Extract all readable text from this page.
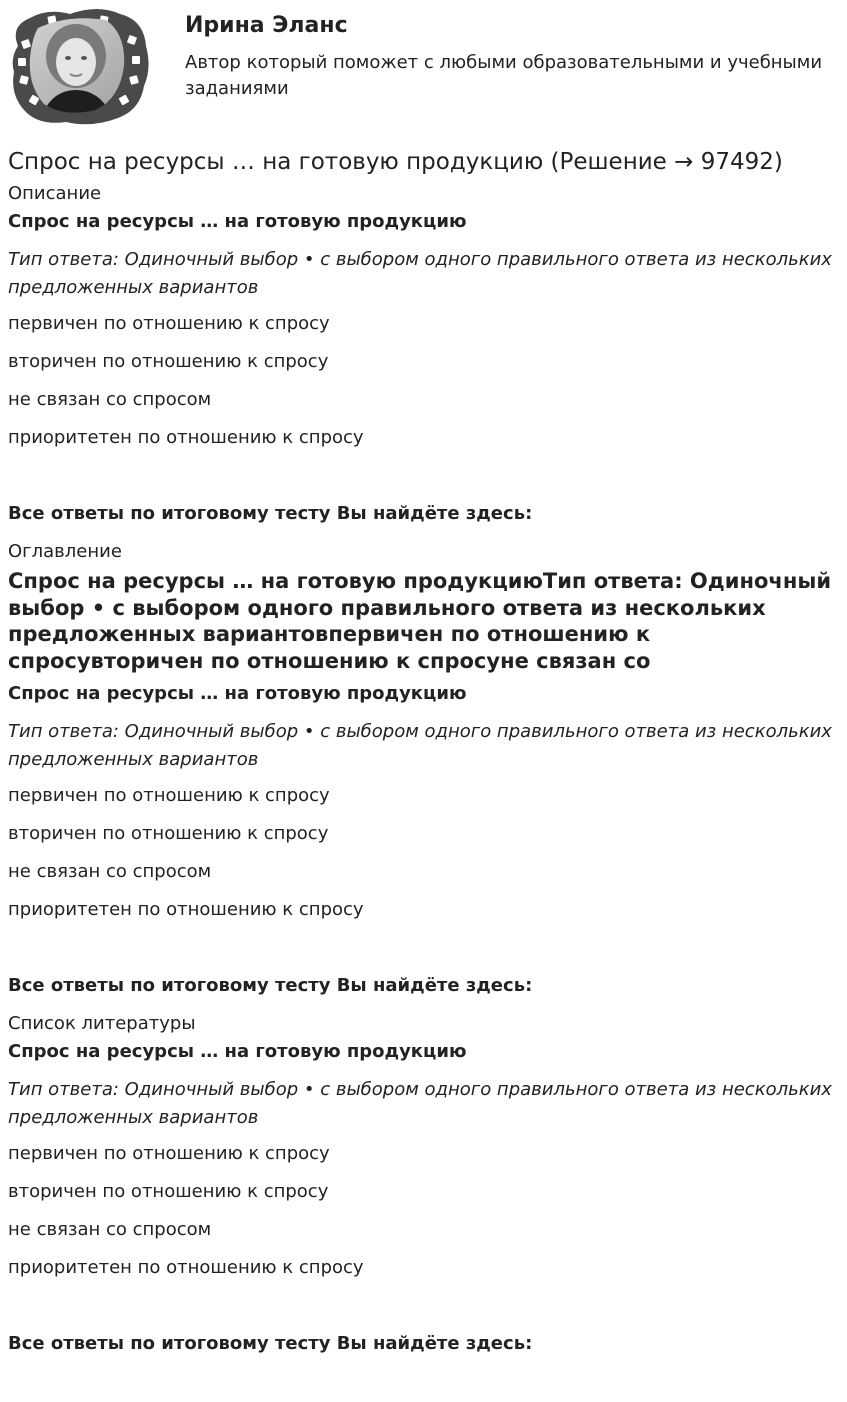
Ирина Эланс
Автор который поможет с любыми образовательными и учебными заданиями
Спрос на ресурсы … на готовую продукцию (Решение → 97492)
Описание
Спрос на ресурсы … на готовую продукцию
Тип ответа: Одиночный выбор • с выбором одного правильного ответа из нескольких предложенных вариантов
первичен по отношению к спросу
вторичен по отношению к спросу
не связан со спросом
приоритетен по отношению к спросу
Все ответы по итоговому тесту Вы найдёте здесь:
Оглавление
Спрос на ресурсы … на готовую продукциюТип ответа: Одиночный выбор • с выбором одного правильного ответа из нескольких предложенных вариантовпервичен по отношению к спросувторичен по отношению к спросуне связан со
Спрос на ресурсы … на готовую продукцию
Тип ответа: Одиночный выбор • с выбором одного правильного ответа из нескольких предложенных вариантов
первичен по отношению к спросу
вторичен по отношению к спросу
не связан со спросом
приоритетен по отношению к спросу
Все ответы по итоговому тесту Вы найдёте здесь:
Список литературы
Спрос на ресурсы … на готовую продукцию
Тип ответа: Одиночный выбор • с выбором одного правильного ответа из нескольких предложенных вариантов
первичен по отношению к спросу
вторичен по отношению к спросу
не связан со спросом
приоритетен по отношению к спросу
Все ответы по итоговому тесту Вы найдёте здесь:
